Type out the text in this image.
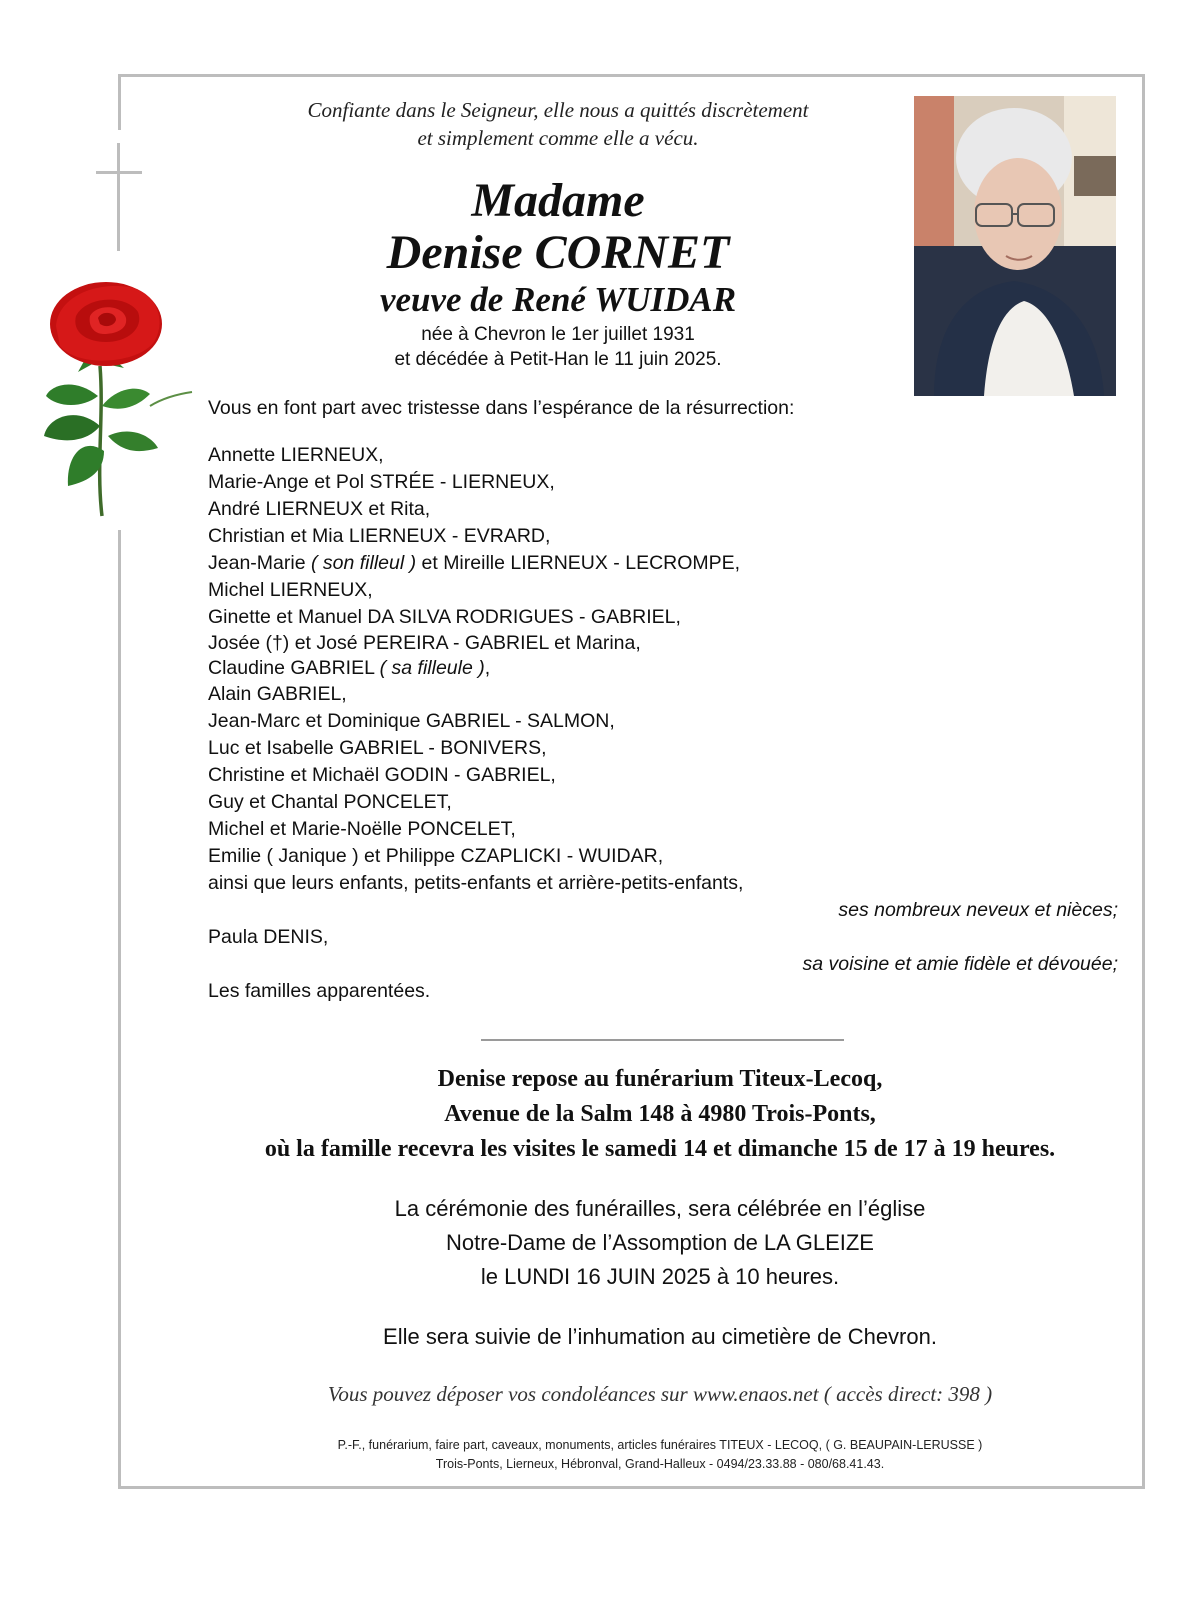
Confiante dans le Seigneur, elle nous a quittés discrètement
et simplement comme elle a vécu.
Madame
Denise CORNET
veuve de René WUIDAR
née à Chevron le 1er juillet 1931
et décédée à Petit-Han le 11 juin 2025.
Vous en font part avec tristesse dans l’espérance de la résurrection:
Annette LIERNEUX,
Marie-Ange et Pol STRÉE - LIERNEUX,
André LIERNEUX et Rita,
Christian et Mia LIERNEUX - EVRARD,
Jean-Marie ( son filleul ) et Mireille LIERNEUX - LECROMPE,
Michel LIERNEUX,
Ginette et Manuel DA SILVA RODRIGUES - GABRIEL,
Josée (†) et José PEREIRA - GABRIEL et Marina,
Claudine GABRIEL ( sa filleule ),
Alain GABRIEL,
Jean-Marc et Dominique GABRIEL - SALMON,
Luc et Isabelle GABRIEL - BONIVERS,
Christine et Michaël GODIN - GABRIEL,
Guy et Chantal PONCELET,
Michel et Marie-Noëlle PONCELET,
Emilie ( Janique ) et Philippe CZAPLICKI - WUIDAR,
ainsi que leurs enfants, petits-enfants et arrière-petits-enfants,
ses nombreux neveux et nièces;
Paula DENIS,
sa voisine et amie fidèle et dévouée;
Les familles apparentées.
Denise repose au funérarium Titeux-Lecoq,
Avenue de la Salm 148 à 4980 Trois-Ponts,
où la famille recevra les visites le samedi 14 et dimanche 15 de 17 à 19 heures.
La cérémonie des funérailles, sera célébrée en l’église
Notre-Dame de l’Assomption de LA GLEIZE
le LUNDI 16 JUIN 2025 à 10 heures.
Elle sera suivie de l’inhumation au cimetière de Chevron.
Vous pouvez déposer vos condoléances sur www.enaos.net ( accès direct: 398 )
P.-F., funérarium, faire part, caveaux, monuments, articles funéraires TITEUX - LECOQ, ( G. BEAUPAIN-LERUSSE )
Trois-Ponts, Lierneux, Hébronval, Grand-Halleux - 0494/23.33.88 - 080/68.41.43.
